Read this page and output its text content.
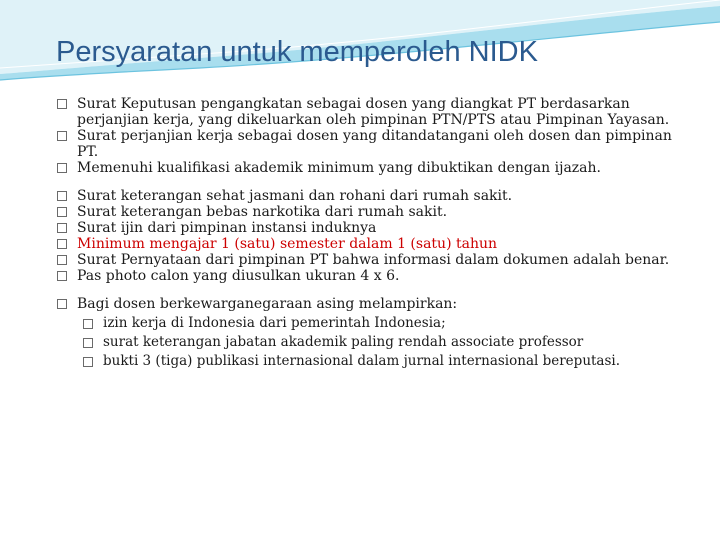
Persyaratan untuk memperoleh NIDK
Surat Keputusan pengangkatan sebagai dosen yang diangkat PT berdasarkan perjanjian kerja, yang dikeluarkan oleh pimpinan PTN/PTS atau Pimpinan Yayasan.
Surat perjanjian kerja sebagai dosen yang ditandatangani oleh dosen dan pimpinan PT.
Memenuhi kualifikasi akademik minimum yang dibuktikan dengan ijazah.
Surat keterangan sehat jasmani dan rohani dari rumah sakit.
Surat keterangan bebas narkotika dari rumah sakit.
Surat ijin dari pimpinan instansi induknya
Minimum mengajar 1 (satu) semester dalam 1 (satu) tahun
Surat Pernyataan dari pimpinan PT bahwa informasi dalam dokumen adalah benar.
Pas photo calon yang diusulkan ukuran 4 x 6.
Bagi dosen berkewarganegaraan asing melampirkan:
izin kerja di Indonesia dari pemerintah Indonesia;
surat keterangan jabatan akademik paling rendah associate professor
bukti 3 (tiga) publikasi internasional dalam jurnal internasional bereputasi.
